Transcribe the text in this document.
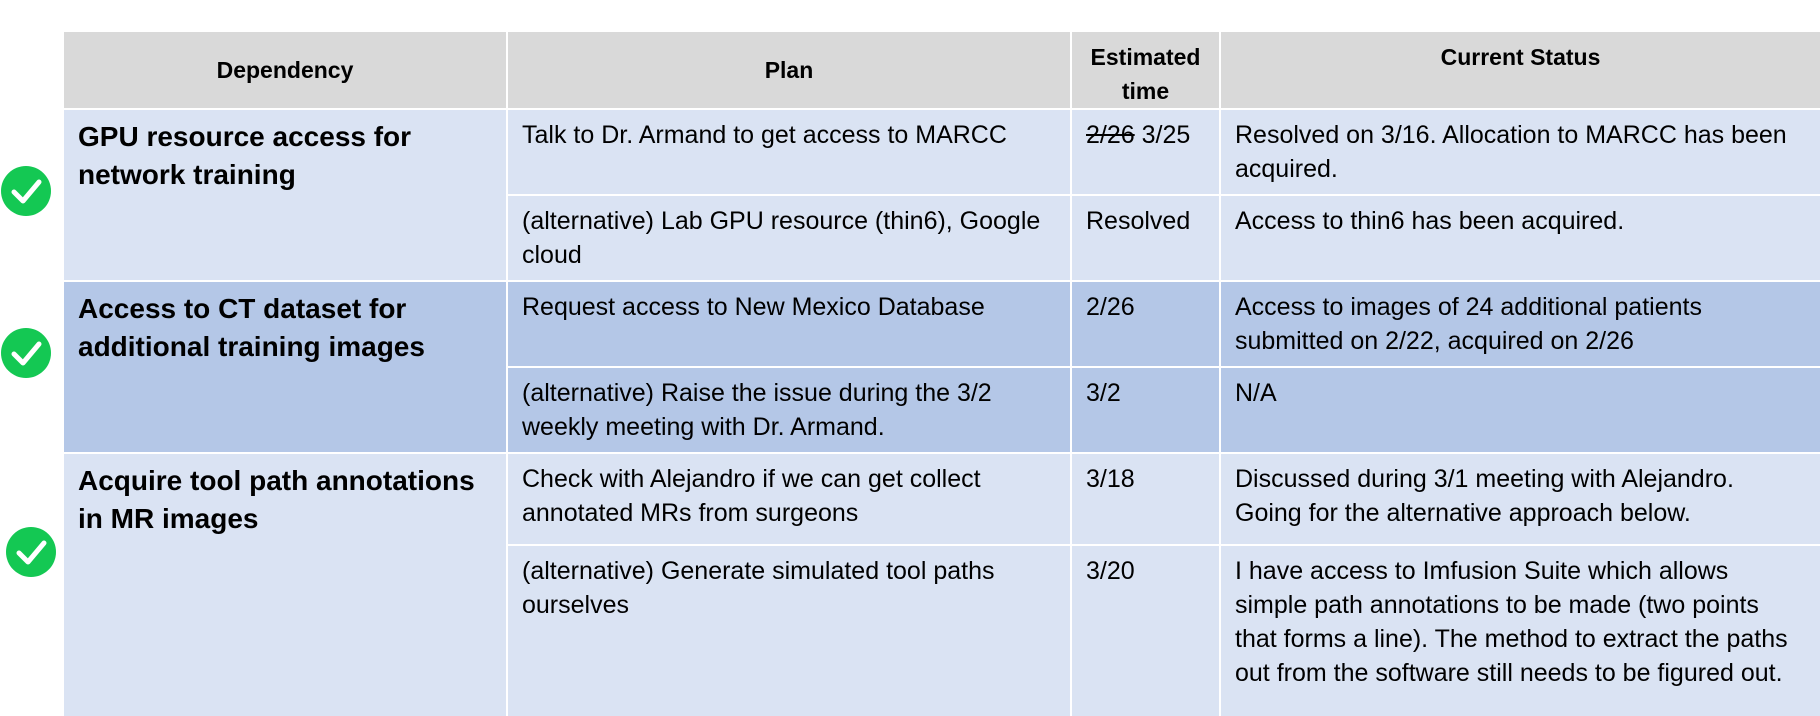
Dependency	Plan	Estimated time	Current Status

GPU resource access for network training	Talk to Dr. Armand to get access to MARCC	2/26 3/25	Resolved on 3/16. Allocation to MARCC has been acquired.

	(alternative) Lab GPU resource (thin6), Google cloud	Resolved	Access to thin6 has been acquired.

Access to CT dataset for additional training images	Request access to New Mexico Database	2/26	Access to images of 24 additional patients submitted on 2/22, acquired on 2/26

	(alternative) Raise the issue during the 3/2 weekly meeting with Dr. Armand.	3/2	N/A

Acquire tool path annotations in MR images	Check with Alejandro if we can get collect annotated MRs from surgeons	3/18	Discussed during 3/1 meeting with Alejandro. Going for the alternative approach below.

	(alternative) Generate simulated tool paths ourselves	3/20	I have access to Imfusion Suite which allows simple path annotations to be made (two points that forms a line). The method to extract the paths out from the software still needs to be figured out.
